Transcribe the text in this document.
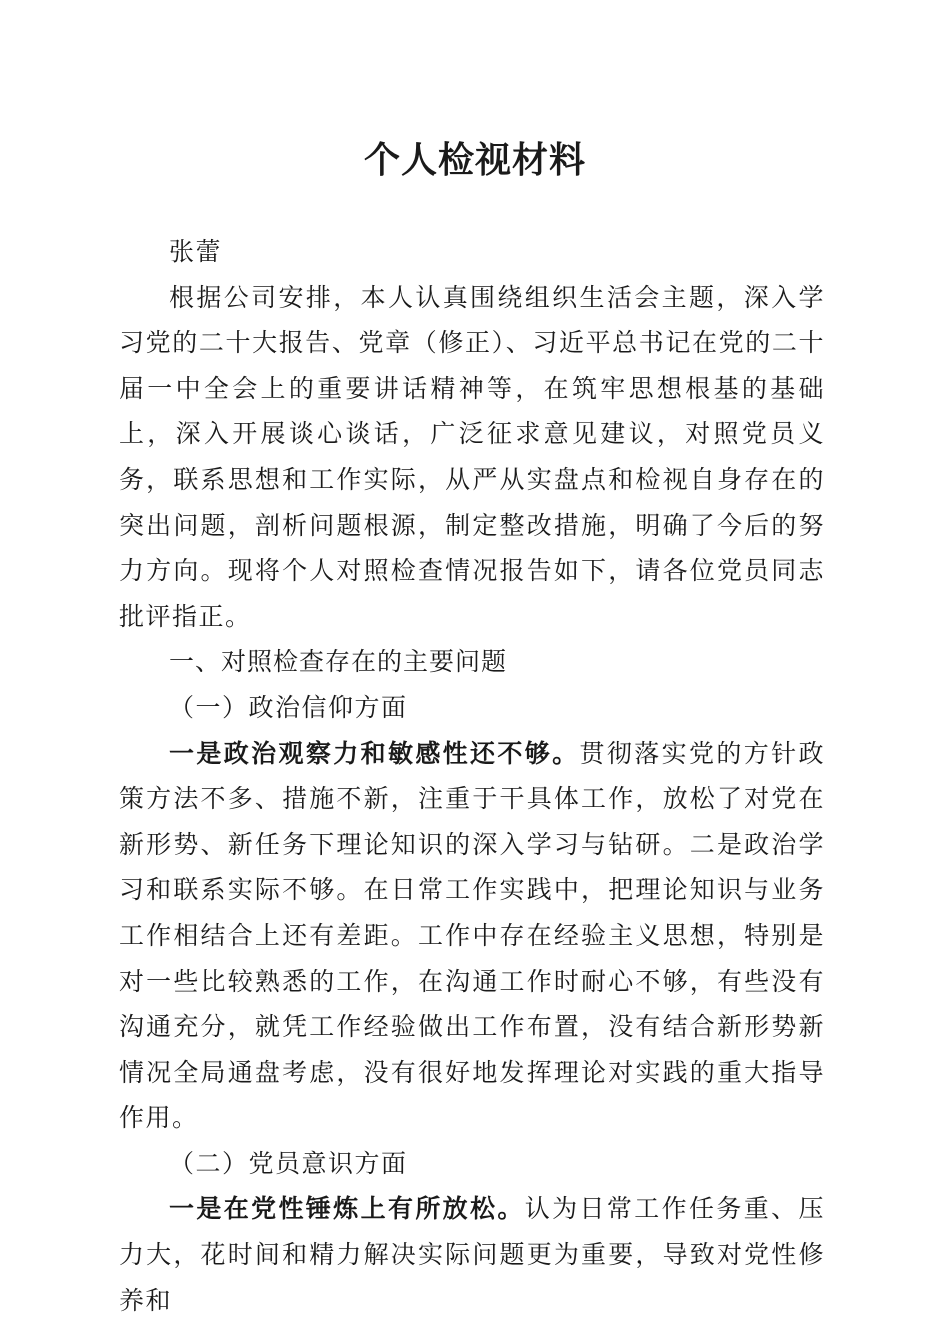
个人检视材料

张蕾

根据公司安排，本人认真围绕组织生活会主题，深入学习党的二十大报告、党章（修正）、习近平总书记在党的二十届一中全会上的重要讲话精神等，在筑牢思想根基的基础上，深入开展谈心谈话，广泛征求意见建议，对照党员义务，联系思想和工作实际，从严从实盘点和检视自身存在的突出问题，剖析问题根源，制定整改措施，明确了今后的努力方向。现将个人对照检查情况报告如下，请各位党员同志批评指正。

一、对照检查存在的主要问题

（一）政治信仰方面

一是政治观察力和敏感性还不够。贯彻落实党的方针政策方法不多、措施不新，注重于干具体工作，放松了对党在新形势、新任务下理论知识的深入学习与钻研。二是政治学习和联系实际不够。在日常工作实践中，把理论知识与业务工作相结合上还有差距。工作中存在经验主义思想，特别是对一些比较熟悉的工作，在沟通工作时耐心不够，有些没有沟通充分，就凭工作经验做出工作布置，没有结合新形势新情况全局通盘考虑，没有很好地发挥理论对实践的重大指导作用。

（二）党员意识方面

一是在党性锤炼上有所放松。认为日常工作任务重、压力大，花时间和精力解决实际问题更为重要，导致对党性修养和
